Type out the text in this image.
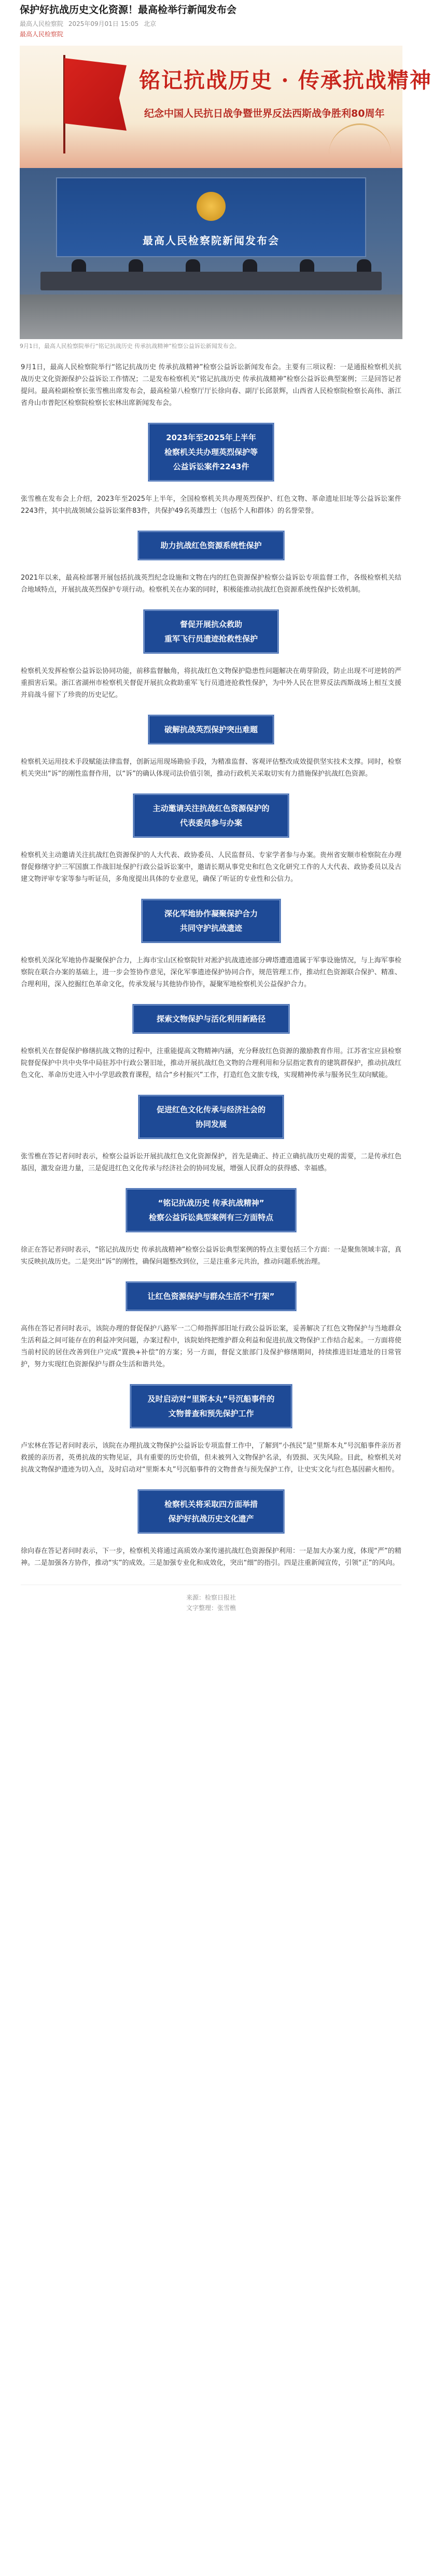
保护好抗战历史文化资源！最高检举行新闻发布会
最高人民检察院 2025年09月01日 15:05 北京
最高人民检察院
铭记抗战历史 · 传承抗战精神
纪念中国人民抗日战争暨世界反法西斯战争胜利80周年
最高人民检察院新闻发布会
9月1日，最高人民检察院举行“铭记抗战历史 传承抗战精神”检察公益诉讼新闻发布会。

9月1日，最高人民检察院举行“铭记抗战历史 传承抗战精神”检察公益诉讼新闻发布会。主要有三项议程：一是通报检察机关抗战历史文化资源保护公益诉讼工作情况；二是发布检察机关“铭记抗战历史 传承抗战精神”检察公益诉讼典型案例；三是回答记者提问。最高检副检察长张雪樵出席发布会，最高检第八检察厅厅长徐向春、副厅长邱景辉，山西省人民检察院检察长高伟、浙江省舟山市普陀区检察院检察长宏林出席新闻发布会。

2023年至2025年上半年
检察机关共办理英烈保护等
公益诉讼案件2243件

张雪樵在发布会上介绍，2023年至2025年上半年，全国检察机关共办理英烈保护、红色文物、革命遗址旧址等公益诉讼案件2243件，其中抗战领域公益诉讼案件83件，共保护49名英雄烈士（包括个人和群体）的名誉荣誉。

助力抗战红色资源系统性保护

2021年以来，最高检部署开展包括抗战英烈纪念设施和文物在内的红色资源保护检察公益诉讼专项监督工作，各级检察机关结合地域特点，开展抗战英烈保护专项行动。检察机关在办案的同时，积极能推动抗战红色资源系统性保护长效机制。

督促开展抗众救助
重军飞行员遗迹抢救性保护

检察机关发挥检察公益诉讼协同功能，前移监督触角，将抗战红色文物保护隐患性问题解决在萌芽阶段，防止出现不可逆转的严重损害后果。浙江省湖州市检察机关督促开展抗众救助重军飞行员遗迹抢救性保护，为中外人民在世界反法西斯战场上相互支援并肩战斗留下了珍贵的历史记忆。

破解抗战英烈保护突出难题

检察机关运用技术手段赋能法律监督，创新运用现场勘验手段，为精准监督、客观评估整改成效提供坚实技术支撑。同时，检察机关突出“诉”的刚性监督作用，以“诉”的确认体现司法价值引领，推动行政机关采取切实有力措施保护抗战红色资源。

主动邀请关注抗战红色资源保护的
代表委员参与办案

检察机关主动邀请关注抗战红色资源保护的人大代表、政协委员、人民监督员、专家学者参与办案。贵州省安顺市检察院在办理督促修缮守护三军国旗工作战旧址保护行政公益诉讼案中，邀请长期从事党史和红色文化研究工作的人大代表、政协委员以及古建文物评审专家等参与听证员，多角度提出具体的专业意见，确保了听证的专业性和公信力。

深化军地协作凝聚保护合力
共同守护抗战遗迹

检察机关深化军地协作凝聚保护合力，上海市宝山区检察院针对淞沪抗战遗迹部分碑塔遭遗遗属于军事设施情况，与上海军事检察院在联合办案的基础上，进一步会签协作意见，深化军事遗迹保护协同合作，规范管理工作，推动红色资源联合保护、精准、合理利用，深入挖掘红色革命文化，传承发展与其他协作协作，凝聚军地检察机关公益保护合力。

探索文物保护与活化利用新路径

检察机关在督促保护修缮抗战文物的过程中，注重能提高文物精神内涵，充分释放红色资源的激励教育作用。江苏省宝应县检察院督促保护中共中央华中局驻苏中行政公署旧址，推动开展抗战红色文物的合理利用和分层指定教育的建筑群保护，推动抗战红色文化、革命历史进入中小学思政教育课程，结合“乡村振兴”工作，打造红色文旅专线，实现精神传承与服务民生双向赋能。

促进红色文化传承与经济社会的
协同发展

张雪樵在答记者问时表示，检察公益诉讼开展抗战红色文化资源保护，首先是确正、持正立确抗战历史观的需要，二是传承红色基因，激发奋进力量，三是促进红色文化传承与经济社会的协同发展，增强人民群众的获得感、幸福感。

“铭记抗战历史 传承抗战精神”
检察公益诉讼典型案例有三方面特点

徐正在答记者问时表示，“铭记抗战历史 传承抗战精神”检察公益诉讼典型案例的特点主要包括三个方面：一是聚焦领域丰富，真实反映抗战历史。二是突出“诉”的刚性，确保问题整改到位，三是注重多元共治，推动问题系统治理。

让红色资源保护与群众生活不“打架”

高伟在答记者问时表示，该院办理的督促保护八路军一二〇师指挥部旧址行政公益诉讼案，妥善解决了红色文物保护与当地群众生活利益之间可能存在的利益冲突问题，办案过程中，该院始终把维护群众利益和促进抗战文物保护工作结合起来。一方面将使当前村民的居住改善到住户完成“置换+补偿”的方案；另一方面，督促文旅部门及保护修缮期间，持续推进旧址遗址的日常管护，努力实现红色资源保护与群众生活和谐共处。

及时启动对“里斯本丸”号沉船事件的
文物普查和预先保护工作

卢宏林在答记者问时表示，该院在办理抗战文物保护公益诉讼专项监督工作中，了解到“小孩民”是“里斯本丸”号沉船事件亲历者救援的亲历者，英勇抗战的实物见证，具有重要的历史价值，但未被列入文物保护名录，有毁损、灭失风险。目此，检察机关对抗战文物保护遗迹为切入点，及时启动对“里斯本丸”号沉船事件的文物普查与预先保护工作，让史实文化与红色基因薪火相传。

检察机关将采取四方面举措
保护好抗战历史文化遗产

徐向春在答记者问时表示，下一步，检察机关将通过高质效办案传递抗战红色资源保护利用：一是加大办案力度，体现“严”的精神。二是加强各方协作，推动“实”的成效。三是加强专业化和成效化，突出“细”的指引。四是注重新闻宣传，引领“正”的风向。

来源：检察日报社
文字整理：张雪樵
